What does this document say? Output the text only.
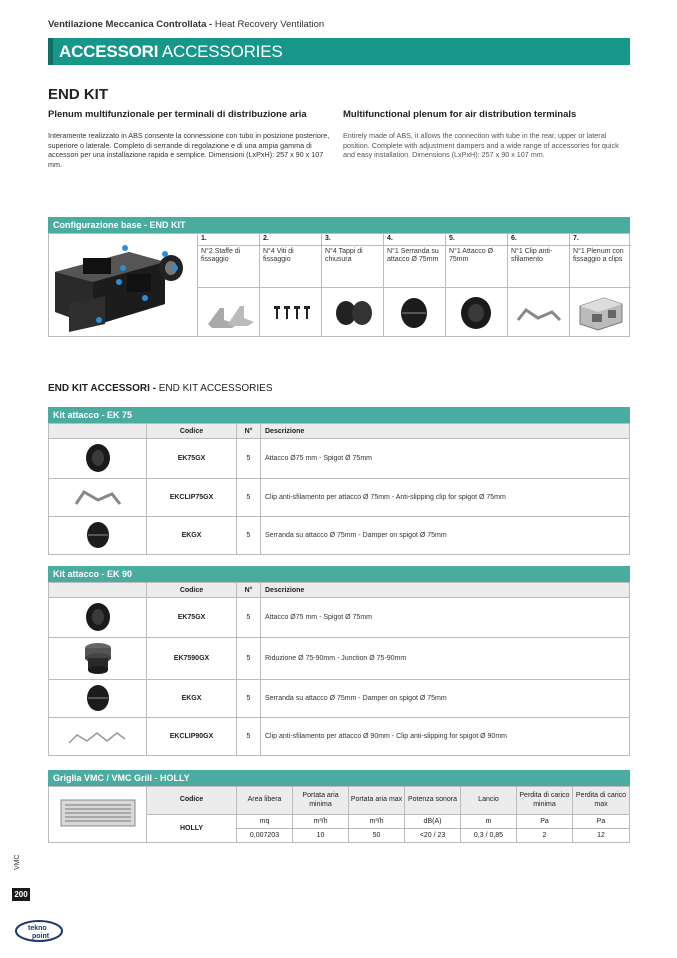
Ventilazione Meccanica Controllata - Heat Recovery Ventilation
ACCESSORI ACCESSORIES
END KIT
Plenum multifunzionale per terminali di distribuzione aria	Multifunctional plenum for air distribution terminals
Interamente realizzato in ABS consente la connessione con tubo in posizione posteriore, superiore o laterale. Completo di serrande di regolazione e di una ampia gamma di accessori per una installazione rapida e semplice. Dimensioni (LxPxH): 257 x 90 x 107 mm.
Entirely made of ABS, it allows the connection with tube in the rear, upper or lateral position. Complete with adjustment dampers and a wide range of accessories for quick and easy installation. Dimensions (LxPxH): 257 x 90 x 107 mm.
Configurazione base - END KIT
1.
N°2 Staffe di fissaggio
2.
N°4 Viti di fissaggio
3.
N°4 Tappi di chiusura
4.
N°1 Serranda su attacco Ø 75mm
5.
N°1 Attacco Ø 75mm
6.
N°1 Clip anti-sfilamento
7.
N°1 Plenum con fissaggio a clips
END KIT ACCESSORI - END KIT ACCESSORIES
Kit attacco - EK 75
	Codice	N°	Descrizione
	EK75GX	5	Attacco Ø75 mm - Spigot Ø 75mm
	EKCLIP75GX	5	Clip anti-sfilamento per attacco Ø 75mm - Anti-slipping clip for spigot Ø 75mm
	EKGX	5	Serranda su attacco Ø 75mm - Damper on spigot Ø 75mm
Kit attacco - EK 90
	Codice	N°	Descrizione
	EK75GX	5	Attacco Ø75 mm - Spigot Ø 75mm
	EK7590GX	5	Riduzione Ø 75-90mm - Junction Ø 75-90mm
	EKGX	5	Serranda su attacco Ø 75mm - Damper on spigot Ø 75mm
	EKCLIP90GX	5	Clip anti-sfilamento per attacco Ø 90mm - Clip anti-slipping for spigot Ø 90mm
Griglia VMC / VMC Grill - HOLLY
	Codice	Area libera	Portata aria minima	Portata aria max	Potenza sonora	Lancio	Perdita di carico minima	Perdita di carico max
	HOLLY	mq	m³/h	m³/h	dB(A)	m	Pa	Pa
		0,007203	10	50	<20 / 23	0,3 / 0,85	2	12
VMC
200
tekno
point
